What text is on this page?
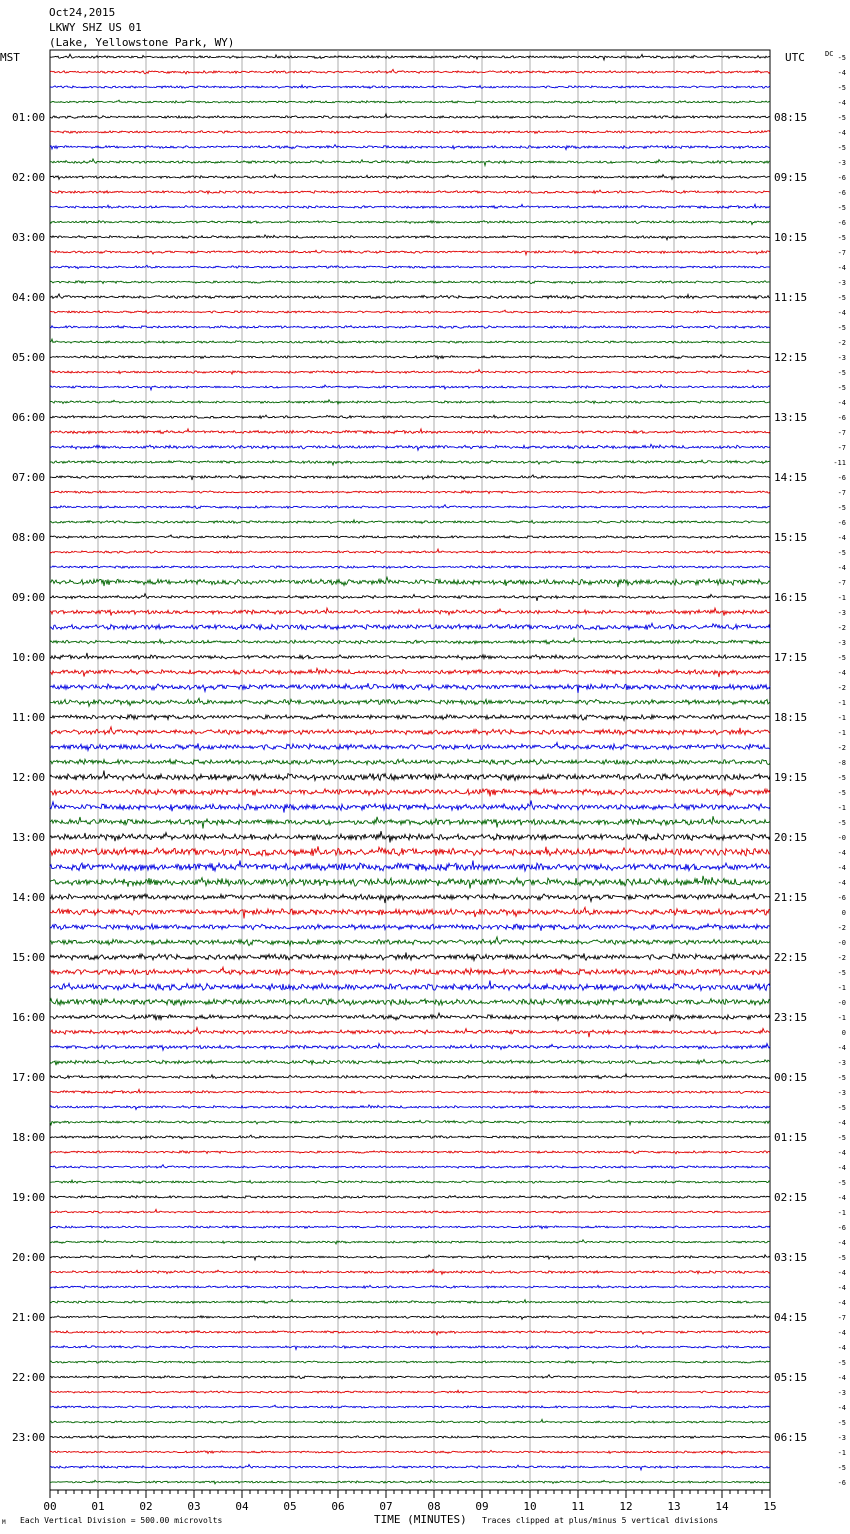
Oct24,2015
LKWY SHZ US 01
(Lake, Yellowstone Park, WY)
MST	UTC	DC
01:00
02:00
03:00
04:00
05:00
06:00
07:00
08:00
09:00
10:00
11:00
12:00
13:00
14:00
15:00
16:00
17:00
18:00
19:00
20:00
21:00
22:00
23:00
08:15
09:15
10:15
11:15
12:15
13:15
14:15
15:15
16:15
17:15
18:15
19:15
20:15
21:15
22:15
23:15
00:15
01:15
02:15
03:15
04:15
05:15
06:15
-5
-4
-5
-4
-5
-4
-5
-3
-6
-6
-5
-6
-5
-7
-4
-3
-5
-4
-5
-2
-3
-5
-5
-4
-6
-7
-7
-11
-6
-7
-5
-6
-4
-5
-4
-7
-1
-3
-2
-3
-5
-4
-2
-1
-1
-1
-2
-8
-5
-5
-1
-5
-0
-4
-4
-4
-6
0
-2
-0
-2
-5
-1
-0
-1
0
-4
-3
-5
-3
-5
-4
-5
-4
-4
-5
-4
-1
-6
-4
-5
-4
-4
-4
-7
-4
-4
-5
-4
-3
-4
-5
-3
-1
-5
-6
00	01	02	03	04	05	06	07	08	09	10	11	12	13	14	15
M Each Vertical Division = 500.00 microvolts	TIME (MINUTES) Traces clipped at plus/minus 5 vertical divisions
